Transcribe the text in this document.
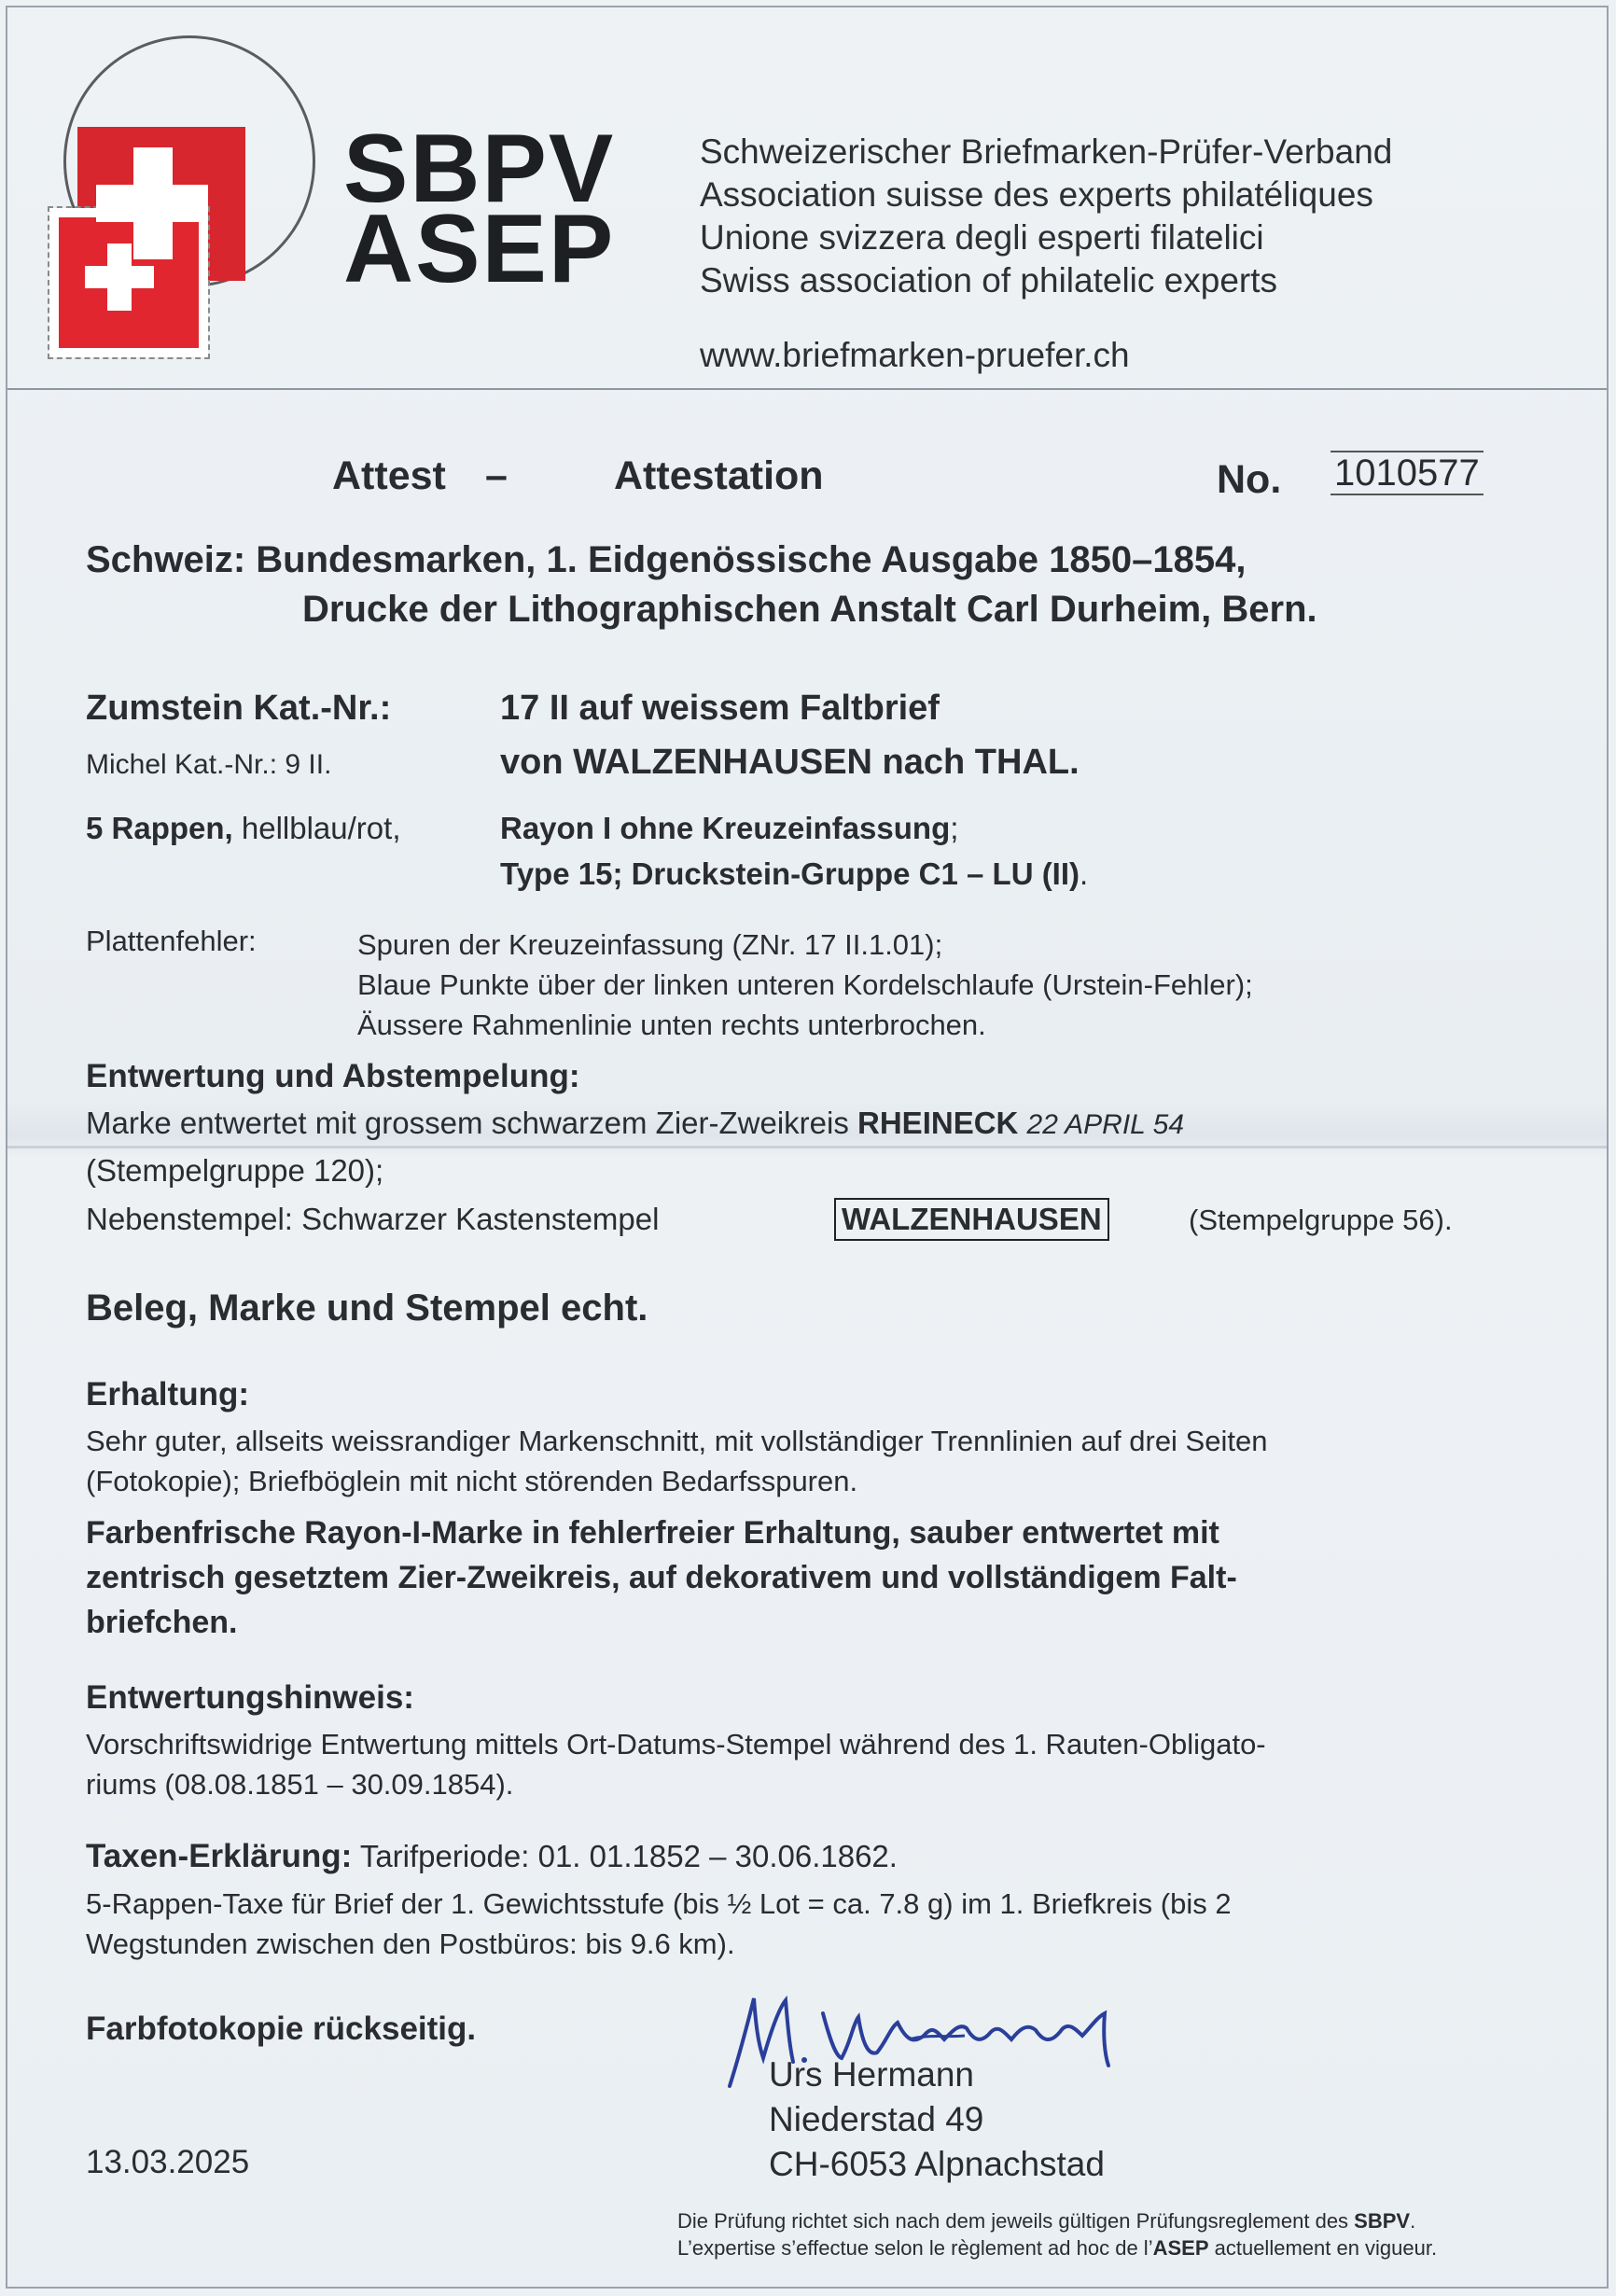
SBPV
ASEP
Schweizerischer Briefmarken-Prüfer-Verband
Association suisse des experts philatéliques
Unione svizzera degli esperti filatelici
Swiss association of philatelic experts
www.briefmarken-pruefer.ch
Attest –	Attestation	No. 1010577
Schweiz: Bundesmarken, 1. Eidgenössische Ausgabe 1850–1854,
Drucke der Lithographischen Anstalt Carl Durheim, Bern.
Zumstein Kat.-Nr.:	17 II auf weissem Faltbrief
Michel Kat.-Nr.: 9 II.	von WALZENHAUSEN nach THAL.
5 Rappen, hellblau/rot,	Rayon I ohne Kreuzeinfassung;
Type 15; Druckstein-Gruppe C1 – LU (II).
Plattenfehler:	Spuren der Kreuzeinfassung (ZNr. 17 II.1.01);
Blaue Punkte über der linken unteren Kordelschlaufe (Urstein-Fehler);
Äussere Rahmenlinie unten rechts unterbrochen.
Entwertung und Abstempelung:
Marke entwertet mit grossem schwarzem Zier-Zweikreis RHEINECK 22 APRIL 54
(Stempelgruppe 120);
Nebenstempel: Schwarzer Kastenstempel	WALZENHAUSEN	(Stempelgruppe 56).
Beleg, Marke und Stempel echt.
Erhaltung:
Sehr guter, allseits weissrandiger Markenschnitt, mit vollständiger Trennlinien auf drei Seiten
(Fotokopie); Briefböglein mit nicht störenden Bedarfsspuren.
Farbenfrische Rayon-I-Marke in fehlerfreier Erhaltung, sauber entwertet mit
zentrisch gesetztem Zier-Zweikreis, auf dekorativem und vollständigem Falt-
briefchen.
Entwertungshinweis:
Vorschriftswidrige Entwertung mittels Ort-Datums-Stempel während des 1. Rauten-Obligato-
riums (08.08.1851 – 30.09.1854).
Taxen-Erklärung: Tarifperiode: 01. 01.1852 – 30.06.1862.
5-Rappen-Taxe für Brief der 1. Gewichtsstufe (bis ½ Lot = ca. 7.8 g) im 1. Briefkreis (bis 2
Wegstunden zwischen den Postbüros: bis 9.6 km).
Farbfotokopie rückseitig.
Urs Hermann
Niederstad 49
CH-6053 Alpnachstad
13.03.2025
Die Prüfung richtet sich nach dem jeweils gültigen Prüfungsreglement des SBPV.
L’expertise s’effectue selon le règlement ad hoc de l’ASEP actuellement en vigueur.
